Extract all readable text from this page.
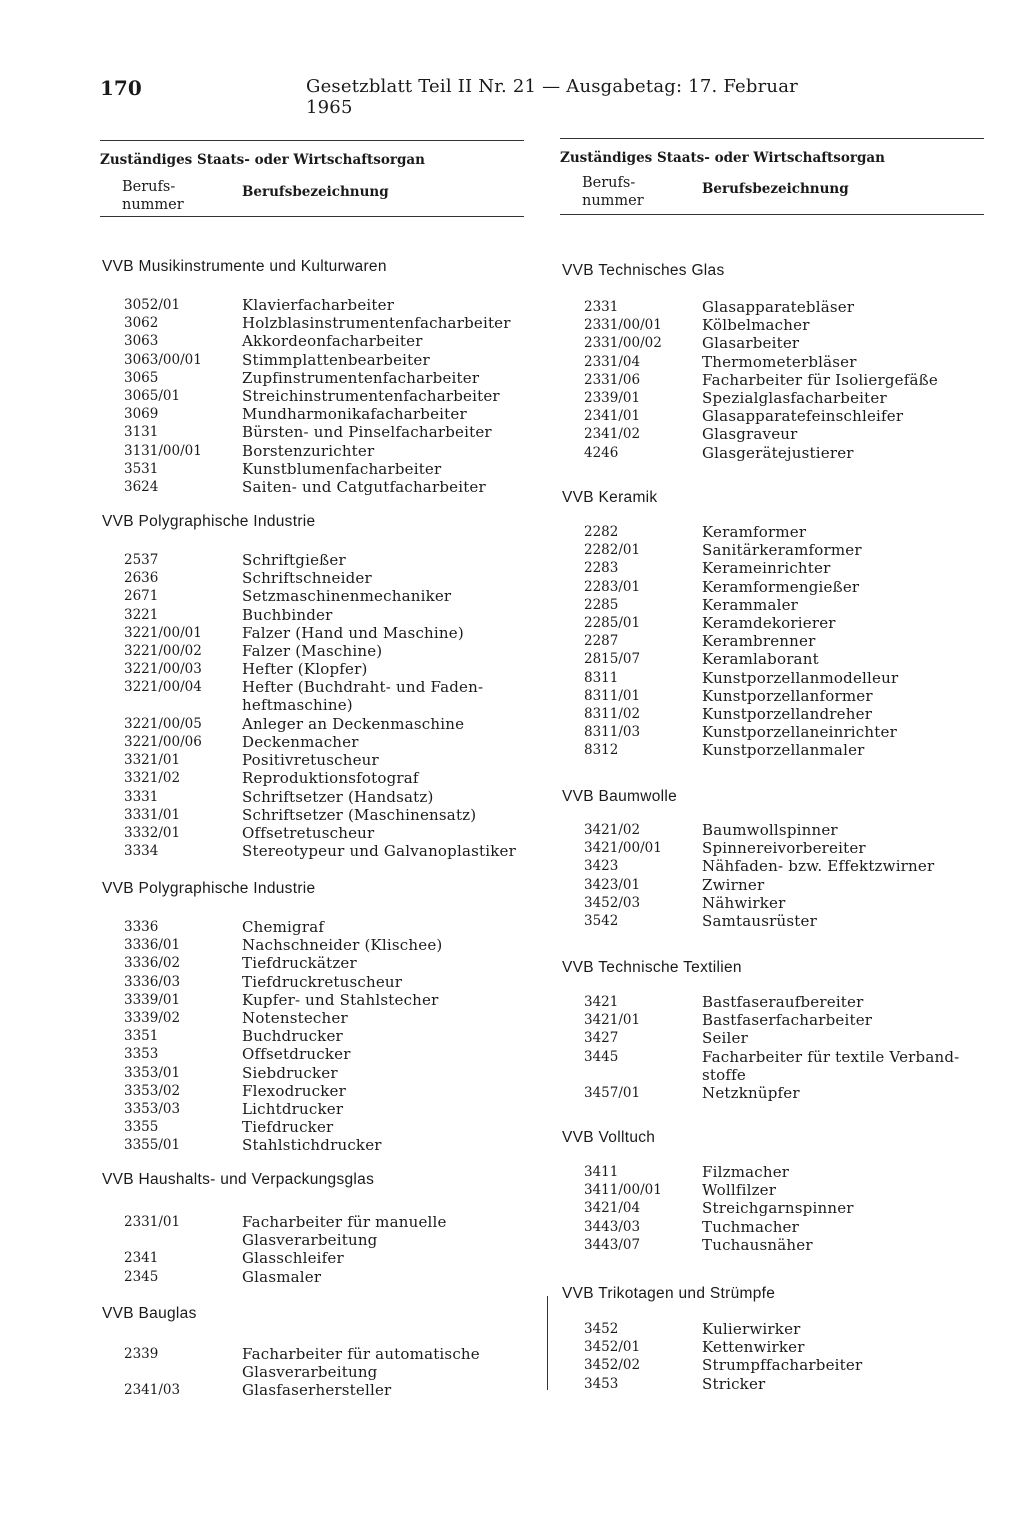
170	Gesetzblatt Teil II Nr. 21 — Ausgabetag: 17. Februar 1965
Zuständiges Staats- oder Wirtschaftsorgan
Berufs-
nummer
Berufsbezeichnung
VVB Musikinstrumente und Kulturwaren
3052/01	Klavierfacharbeiter
3062	Holzblasinstrumentenfacharbeiter
3063	Akkordeonfacharbeiter
3063/00/01	Stimmplattenbearbeiter
3065	Zupfinstrumentenfacharbeiter
3065/01	Streichinstrumentenfacharbeiter
3069	Mundharmonikafacharbeiter
3131	Bürsten- und Pinselfacharbeiter
3131/00/01	Borstenzurichter
3531	Kunstblumenfacharbeiter
3624	Saiten- und Catgutfacharbeiter
VVB Polygraphische Industrie
2537	Schriftgießer
2636	Schriftschneider
2671	Setzmaschinenmechaniker
3221	Buchbinder
3221/00/01	Falzer (Hand und Maschine)
3221/00/02	Falzer (Maschine)
3221/00/03	Hefter (Klopfer)
3221/00/04	Hefter (Buchdraht- und Faden-
heftmaschine)
3221/00/05	Anleger an Deckenmaschine
3221/00/06	Deckenmacher
3321/01	Positivretuscheur
3321/02	Reproduktionsfotograf
3331	Schriftsetzer (Handsatz)
3331/01	Schriftsetzer (Maschinensatz)
3332/01	Offsetretuscheur
3334	Stereotypeur und Galvanoplastiker
VVB Polygraphische Industrie
3336	Chemigraf
3336/01	Nachschneider (Klischee)
3336/02	Tiefdruckätzer
3336/03	Tiefdruckretuscheur
3339/01	Kupfer- und Stahlstecher
3339/02	Notenstecher
3351	Buchdrucker
3353	Offsetdrucker
3353/01	Siebdrucker
3353/02	Flexodrucker
3353/03	Lichtdrucker
3355	Tiefdrucker
3355/01	Stahlstichdrucker
VVB Haushalts- und Verpackungsglas
2331/01	Facharbeiter für manuelle
Glasverarbeitung
2341	Glasschleifer
2345	Glasmaler
VVB Bauglas
2339	Facharbeiter für automatische
Glasverarbeitung
2341/03	Glasfaserhersteller
Zuständiges Staats- oder Wirtschaftsorgan
Berufs-
nummer
Berufsbezeichnung
VVB Technisches Glas
2331	Glasapparatebläser
2331/00/01	Kölbelmacher
2331/00/02	Glasarbeiter
2331/04	Thermometerbläser
2331/06	Facharbeiter für Isoliergefäße
2339/01	Spezialglasfacharbeiter
2341/01	Glasapparatefeinschleifer
2341/02	Glasgraveur
4246	Glasgerätejustierer
VVB Keramik
2282	Keramformer
2282/01	Sanitärkeramformer
2283	Kerameinrichter
2283/01	Keramformengießer
2285	Kerammaler
2285/01	Keramdekorierer
2287	Kerambrenner
2815/07	Keramlaborant
8311	Kunstporzellanmodelleur
8311/01	Kunstporzellanformer
8311/02	Kunstporzellandreher
8311/03	Kunstporzellaneinrichter
8312	Kunstporzellanmaler
VVB Baumwolle
3421/02	Baumwollspinner
3421/00/01	Spinnereivorbereiter
3423	Nähfaden- bzw. Effektzwirner
3423/01	Zwirner
3452/03	Nähwirker
3542	Samtausrüster
VVB Technische Textilien
3421	Bastfaseraufbereiter
3421/01	Bastfaserfacharbeiter
3427	Seiler
3445	Facharbeiter für textile Verband-
stoffe
3457/01	Netzknüpfer
VVB Volltuch
3411	Filzmacher
3411/00/01	Wollfilzer
3421/04	Streichgarnspinner
3443/03	Tuchmacher
3443/07	Tuchausnäher
VVB Trikotagen und Strümpfe
3452	Kulierwirker
3452/01	Kettenwirker
3452/02	Strumpffacharbeiter
3453	Stricker
